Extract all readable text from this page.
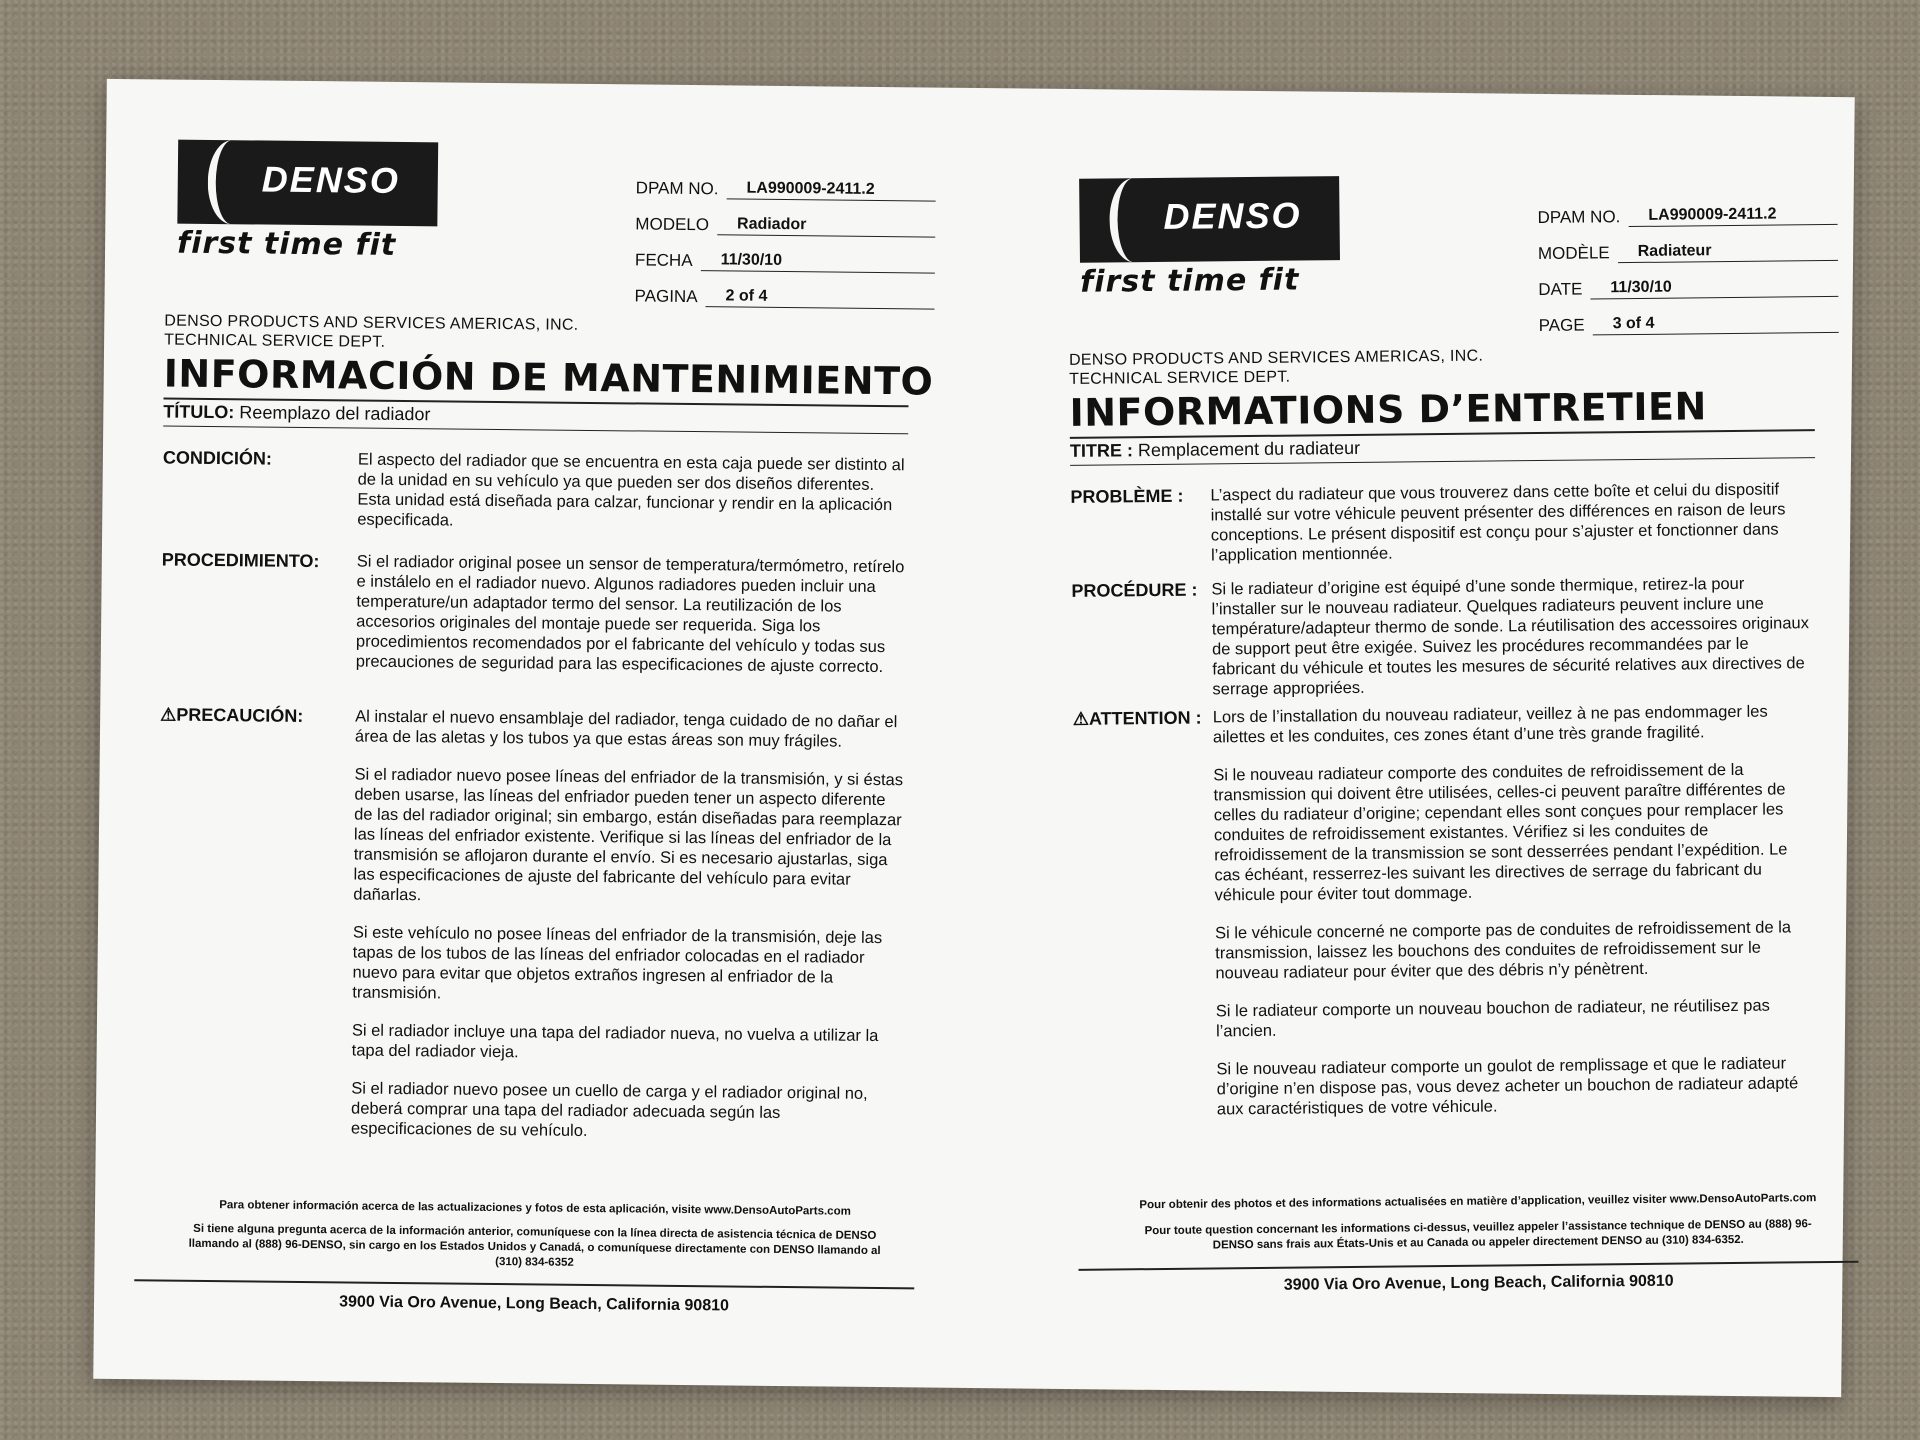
DENSO
first time fit
DPAM NO.	LA990009-2411.2
MODELO	Radiador
FECHA	11/30/10
PAGINA	2 of 4
DENSO PRODUCTS AND SERVICES AMERICAS, INC.
TECHNICAL SERVICE DEPT.
INFORMACIÓN DE MANTENIMIENTO
TÍTULO: Reemplazo del radiador
CONDICIÓN:	El aspecto del radiador que se encuentra en esta caja puede ser distinto al de la unidad en su vehículo ya que pueden ser dos diseños diferentes. Esta unidad está diseñada para calzar, funcionar y rendir en la aplicación especificada.

PROCEDIMIENTO: Si el radiador original posee un sensor de temperatura/termómetro, retírelo e instálelo en el radiador nuevo. Algunos radiadores pueden incluir una temperature/un adaptador termo del sensor. La reutilización de los accesorios originales del montaje puede ser requerida. Siga los procedimientos recomendados por el fabricante del vehículo y todas sus precauciones de seguridad para las especificaciones de ajuste correcto.

⚠PRECAUCIÓN:	Al instalar el nuevo ensamblaje del radiador, tenga cuidado de no dañar el área de las aletas y los tubos ya que estas áreas son muy frágiles.

Si el radiador nuevo posee líneas del enfriador de la transmisión, y si éstas deben usarse, las líneas del enfriador pueden tener un aspecto diferente de las del radiador original; sin embargo, están diseñadas para reemplazar las líneas del enfriador existente. Verifique si las líneas del enfriador de la transmisión se aflojaron durante el envío. Si es necesario ajustarlas, siga las especificaciones de ajuste del fabricante del vehículo para evitar dañarlas.

Si este vehículo no posee líneas del enfriador de la transmisión, deje las tapas de los tubos de las líneas del enfriador colocadas en el radiador nuevo para evitar que objetos extraños ingresen al enfriador de la transmisión.

Si el radiador incluye una tapa del radiador nueva, no vuelva a utilizar la tapa del radiador vieja.

Si el radiador nuevo posee un cuello de carga y el radiador original no, deberá comprar una tapa del radiador adecuada según las especificaciones de su vehículo.

Para obtener información acerca de las actualizaciones y fotos de esta aplicación, visite www.DensoAutoParts.com
Si tiene alguna pregunta acerca de la información anterior, comuníquese con la línea directa de asistencia técnica de DENSO llamando al (888) 96-DENSO, sin cargo en los Estados Unidos y Canadá, o comuníquese directamente con DENSO llamando al (310) 834-6352
3900 Via Oro Avenue, Long Beach, California 90810
DENSO
first time fit
DPAM NO.	LA990009-2411.2
MODÈLE	Radiateur
DATE	11/30/10
PAGE	3 of 4
DENSO PRODUCTS AND SERVICES AMERICAS, INC.
TECHNICAL SERVICE DEPT.
INFORMATIONS D’ENTRETIEN
TITRE : Remplacement du radiateur
PROBLÈME : L’aspect du radiateur que vous trouverez dans cette boîte et celui du dispositif installé sur votre véhicule peuvent présenter des différences en raison de leurs conceptions. Le présent dispositif est conçu pour s’ajuster et fonctionner dans l’application mentionnée.

PROCÉDURE : Si le radiateur d’origine est équipé d’une sonde thermique, retirez-la pour l’installer sur le nouveau radiateur. Quelques radiateurs peuvent inclure une température/adapteur thermo de sonde. La réutilisation des accessoires originaux de support peut être exigée. Suivez les procédures recommandées par le fabricant du véhicule et toutes les mesures de sécurité relatives aux directives de serrage appropriées.

⚠ATTENTION : Lors de l’installation du nouveau radiateur, veillez à ne pas endommager les ailettes et les conduites, ces zones étant d’une très grande fragilité.

Si le nouveau radiateur comporte des conduites de refroidissement de la transmission qui doivent être utilisées, celles-ci peuvent paraître différentes de celles du radiateur d’origine; cependant elles sont conçues pour remplacer les conduites de refroidissement existantes. Vérifiez si les conduites de refroidissement de la transmission se sont desserrées pendant l’expédition. Le cas échéant, resserrez-les suivant les directives de serrage du fabricant du véhicule pour éviter tout dommage.

Si le véhicule concerné ne comporte pas de conduites de refroidissement de la transmission, laissez les bouchons des conduites de refroidissement sur le nouveau radiateur pour éviter que des débris n’y pénètrent.

Si le radiateur comporte un nouveau bouchon de radiateur, ne réutilisez pas l’ancien.

Si le nouveau radiateur comporte un goulot de remplissage et que le radiateur d’origine n’en dispose pas, vous devez acheter un bouchon de radiateur adapté aux caractéristiques de votre véhicule.

Pour obtenir des photos et des informations actualisées en matière d’application, veuillez visiter www.DensoAutoParts.com
Pour toute question concernant les informations ci-dessus, veuillez appeler l’assistance technique de DENSO au (888) 96-DENSO sans frais aux États-Unis et au Canada ou appeler directement DENSO au (310) 834-6352.
3900 Via Oro Avenue, Long Beach, California 90810
